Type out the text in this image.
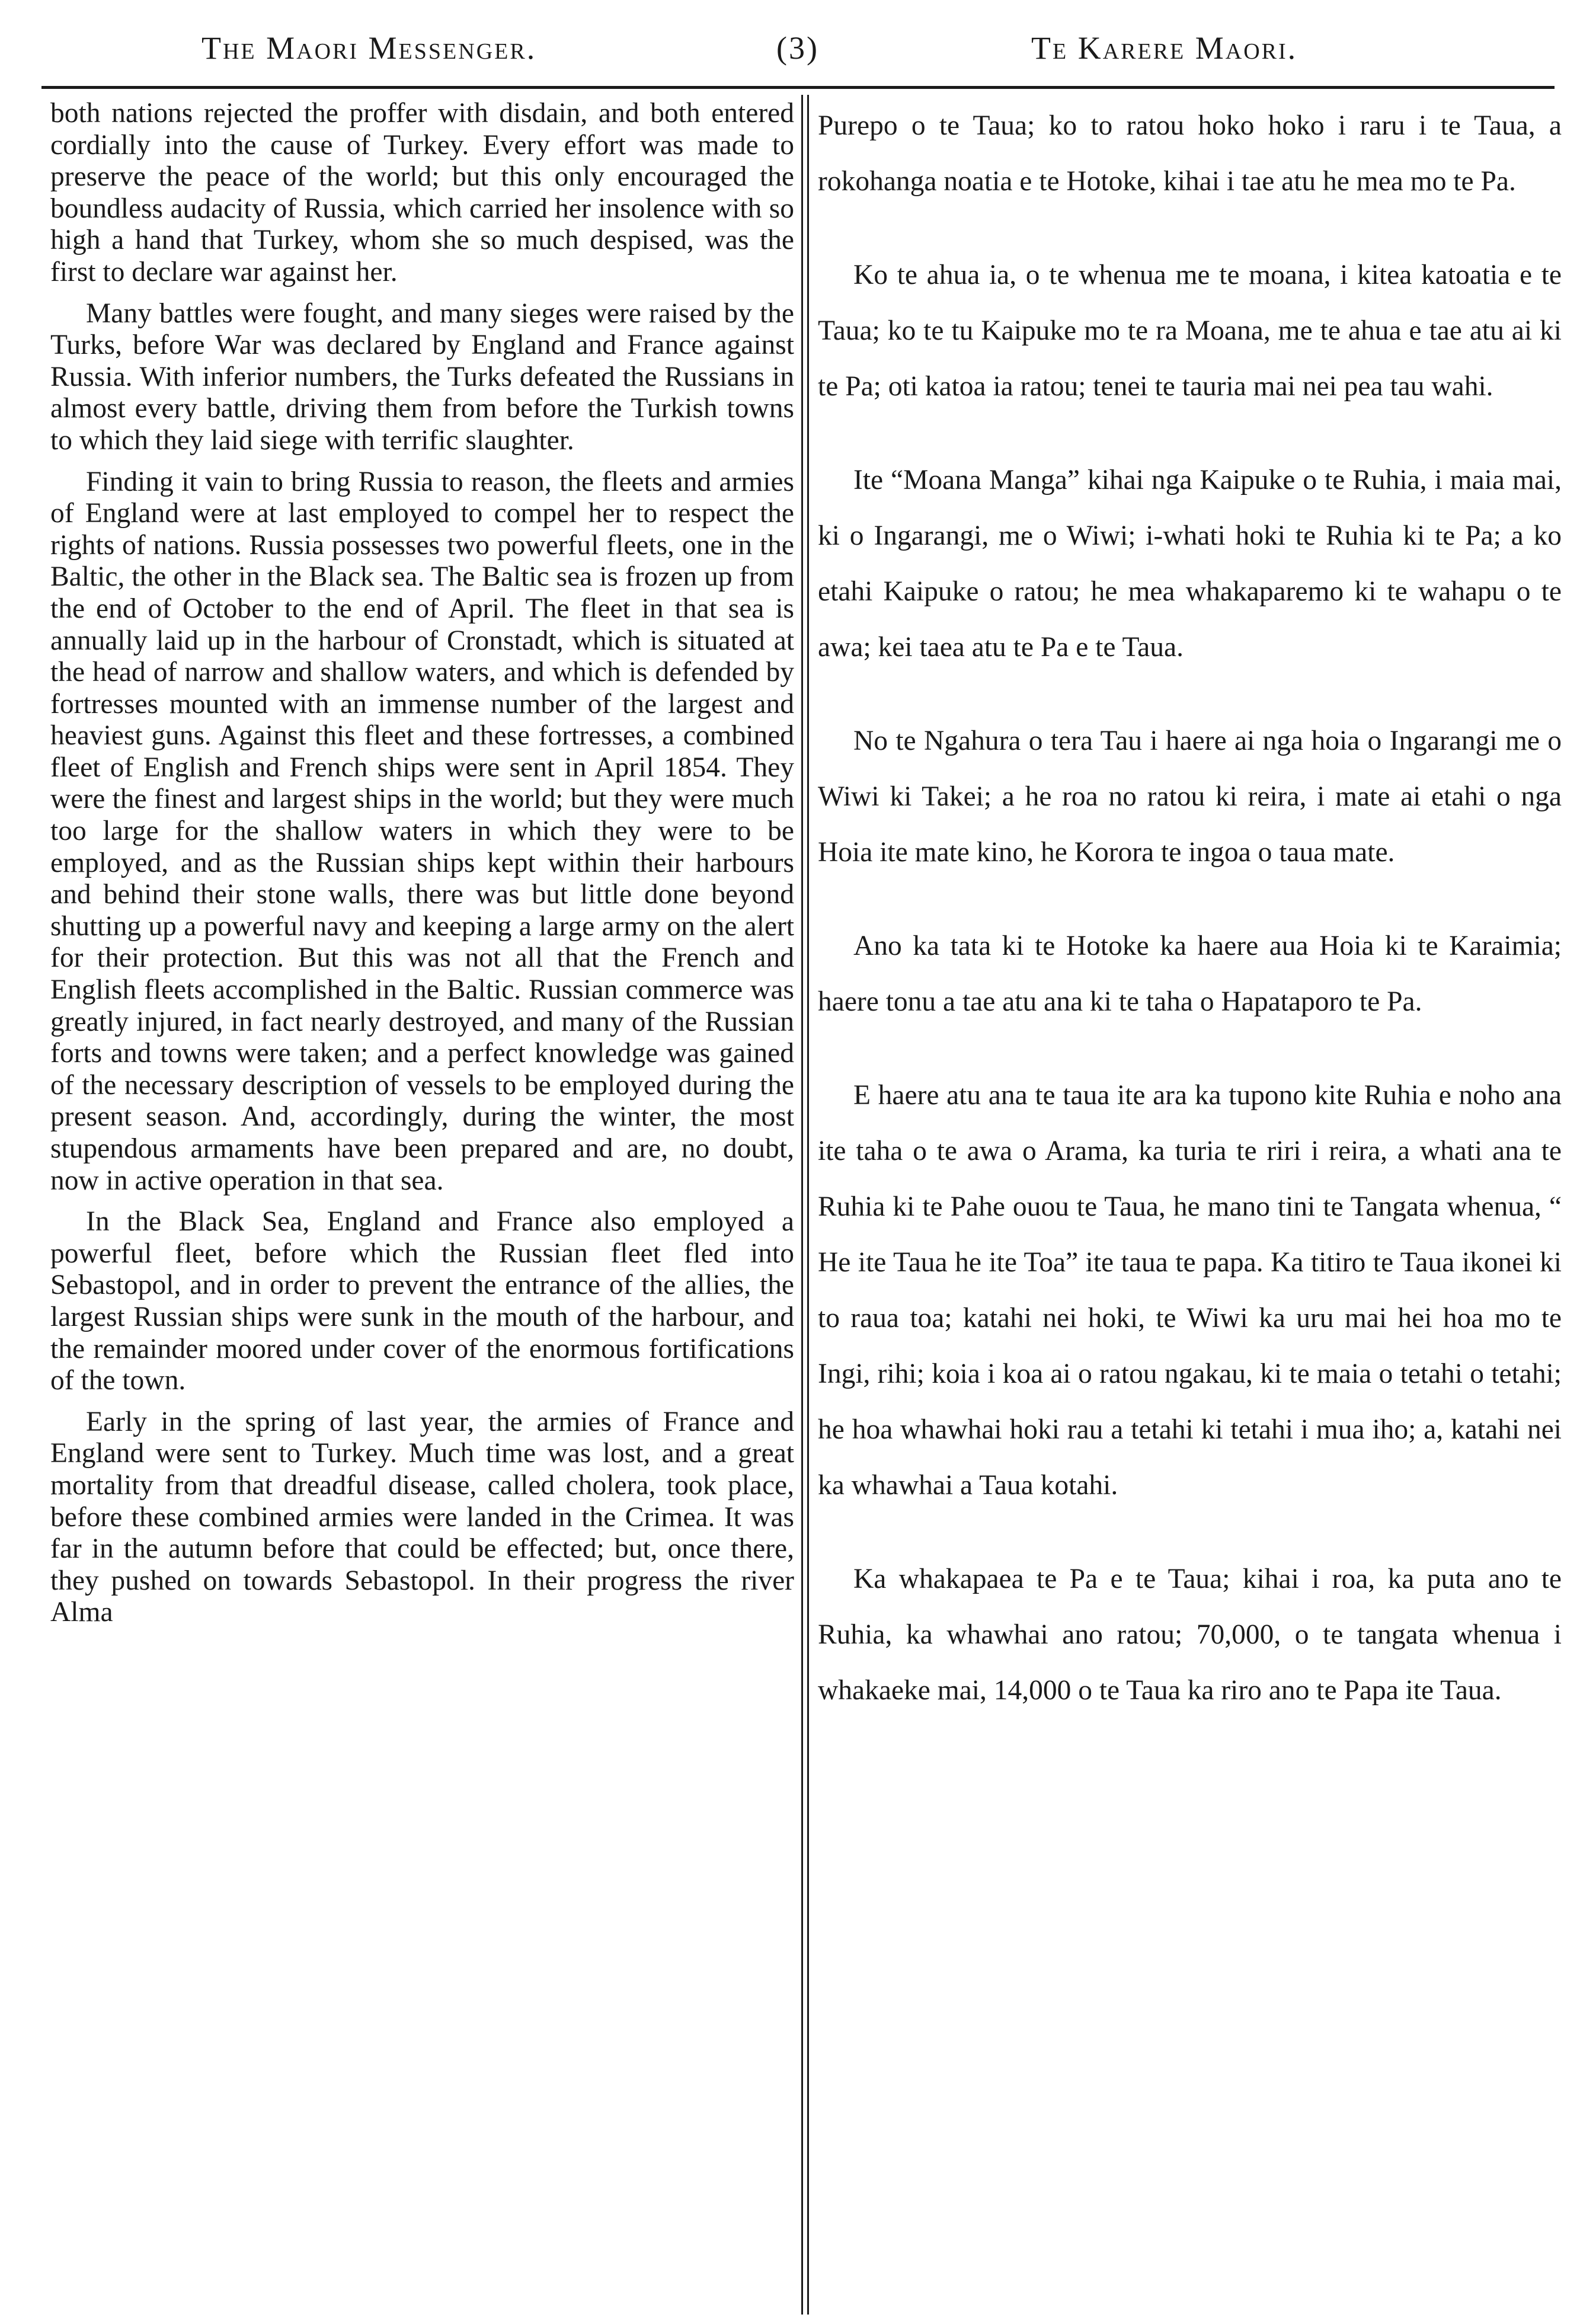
The Maori Messenger.	(3)	Te Karere Maori.

both nations rejected the proffer with disdain, and both entered cordially into the cause of Turkey. Every effort was made to preserve the peace of the world; but this only encouraged the boundless audacity of Russia, which carried her insolence with so high a hand that Turkey, whom she so much despised, was the first to declare war against her.

Many battles were fought, and many sieges were raised by the Turks, before War was declared by England and France against Russia. With inferior numbers, the Turks defeated the Russians in almost every battle, driving them from before the Turkish towns to which they laid siege with terrific slaughter.

Finding it vain to bring Russia to reason, the fleets and armies of England were at last employed to compel her to respect the rights of nations. Russia possesses two powerful fleets, one in the Baltic, the other in the Black sea. The Baltic sea is frozen up from the end of October to the end of April. The fleet in that sea is annually laid up in the harbour of Cronstadt, which is situated at the head of narrow and shallow waters, and which is defended by fortresses mounted with an immense number of the largest and heaviest guns. Against this fleet and these fortresses, a combined fleet of English and French ships were sent in April 1854. They were the finest and largest ships in the world; but they were much too large for the shallow waters in which they were to be employed, and as the Russian ships kept within their harbours and behind their stone walls, there was but little done beyond shutting up a powerful navy and keeping a large army on the alert for their protection. But this was not all that the French and English fleets accomplished in the Baltic. Russian commerce was greatly injured, in fact nearly destroyed, and many of the Russian forts and towns were taken; and a perfect knowledge was gained of the necessary description of vessels to be employed during the present season. And, accordingly, during the winter, the most stupendous armaments have been prepared and are, no doubt, now in active operation in that sea.

In the Black Sea, England and France also employed a powerful fleet, before which the Russian fleet fled into Sebastopol, and in order to prevent the entrance of the allies, the largest Russian ships were sunk in the mouth of the harbour, and the remainder moored under cover of the enormous fortifications of the town.

Early in the spring of last year, the armies of France and England were sent to Turkey. Much time was lost, and a great mortality from that dreadful disease, called cholera, took place, before these combined armies were landed in the Crimea. It was far in the autumn before that could be effected; but, once there, they pushed on towards Sebastopol. In their progress the river Alma

Purepo o te Taua; ko to ratou hoko hoko i raru i te Taua, a rokohanga noatia e te Hotoke, kihai i tae atu he mea mo te Pa.

Ko te ahua ia, o te whenua me te moana, i kitea katoatia e te Taua; ko te tu Kaipuke mo te ra Moana, me te ahua e tae atu ai ki te Pa; oti katoa ia ratou; tenei te tauria mai nei pea tau wahi.

Ite “Moana Manga” kihai nga Kaipuke o te Ruhia, i maia mai, ki o Ingarangi, me o Wiwi; i-whati hoki te Ruhia ki te Pa; a ko etahi Kaipuke o ratou; he mea whakaparemo ki te wahapu o te awa; kei taea atu te Pa e te Taua.

No te Ngahura o tera Tau i haere ai nga hoia o Ingarangi me o Wiwi ki Takei; a he roa no ratou ki reira, i mate ai etahi o nga Hoia ite mate kino, he Korora te ingoa o taua mate.

Ano ka tata ki te Hotoke ka haere aua Hoia ki te Karaimia; haere tonu a tae atu ana ki te taha o Hapataporo te Pa.

E haere atu ana te taua ite ara ka tupono kite Ruhia e noho ana ite taha o te awa o Arama, ka turia te riri i reira, a whati ana te Ruhia ki te Pahe ouou te Taua, he mano tini te Tangata whenua, “ He ite Taua he ite Toa” ite taua te papa. Ka titiro te Taua ikonei ki to raua toa; katahi nei hoki, te Wiwi ka uru mai hei hoa mo te Ingi, rihi; koia i koa ai o ratou ngakau, ki te maia o tetahi o tetahi; he hoa whawhai hoki rau a tetahi ki tetahi i mua iho; a, katahi nei ka whawhai a Taua kotahi.

Ka whakapaea te Pa e te Taua; kihai i roa, ka puta ano te Ruhia, ka whawhai ano ratou; 70,000, o te tangata whenua i whakaeke mai, 14,000 o te Taua ka riro ano te Papa ite Taua.
